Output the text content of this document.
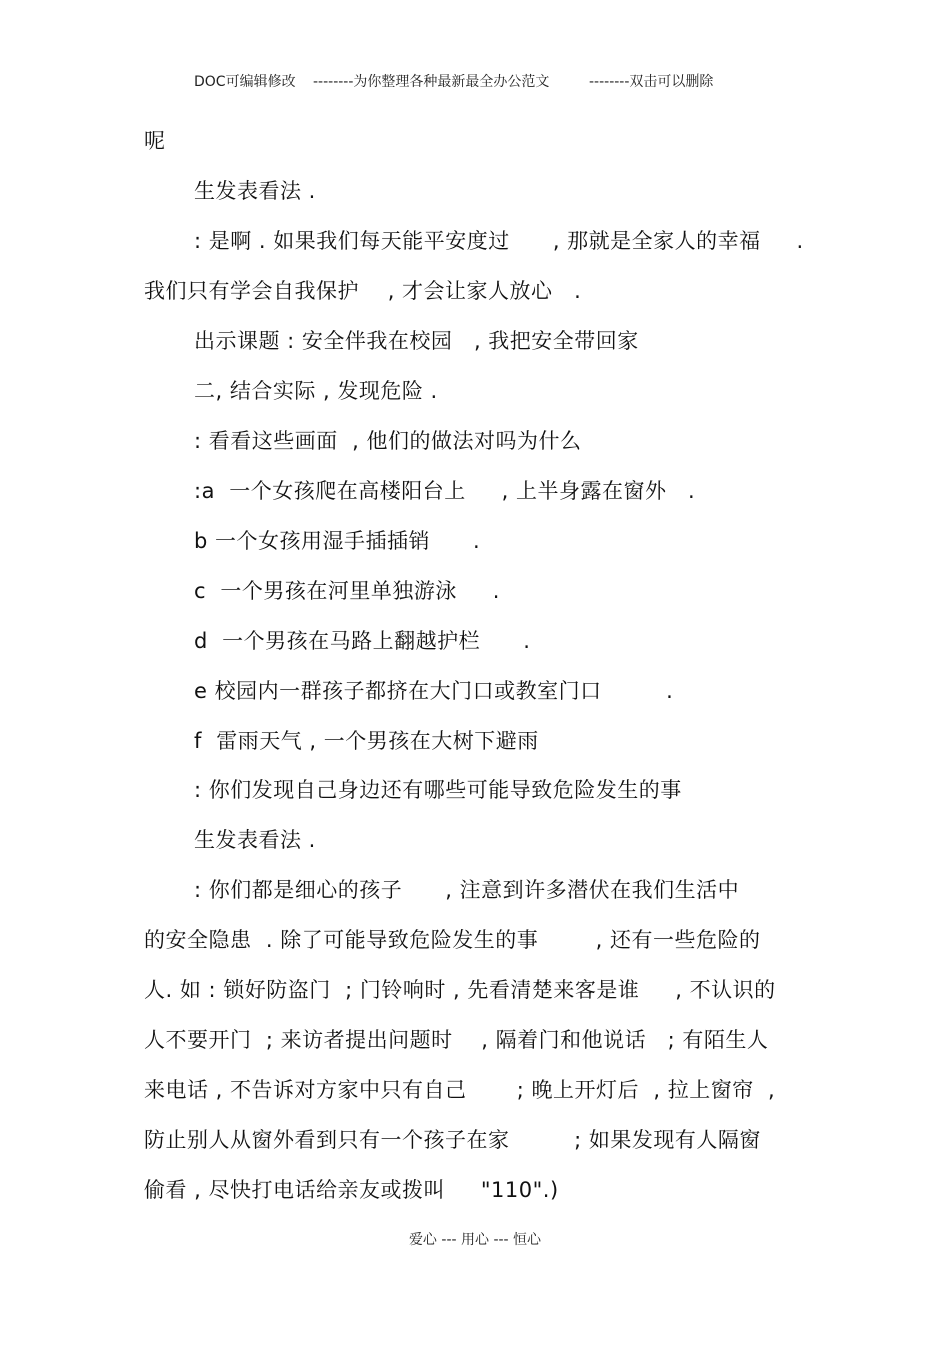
DOC可编辑修改

--------为你整理各种最新最全办公范文

	--------双击可以删除

呢
生发表看法 .
: 是啊 . 如果我们每天能平安度过      , 那就是全家人的幸福     .
我们只有学会自我保护    , 才会让家人放心   .
出示课题 : 安全伴我在校园   , 我把安全带回家
二, 结合实际 , 发现危险 .
: 看看这些画面  , 他们的做法对吗为什么
:a  一个女孩爬在高楼阳台上     , 上半身露在窗外   .
b 一个女孩用湿手插插销      .
c  一个男孩在河里单独游泳     .
d  一个男孩在马路上翻越护栏      .
e 校园内一群孩子都挤在大门口或教室门口         .
f  雷雨天气 , 一个男孩在大树下避雨
: 你们发现自己身边还有哪些可能导致危险发生的事
生发表看法 .
: 你们都是细心的孩子      , 注意到许多潜伏在我们生活中
的安全隐患  . 除了可能导致危险发生的事        , 还有一些危险的
人. 如 : 锁好防盗门  ; 门铃响时 , 先看清楚来客是谁     , 不认识的
人不要开门  ; 来访者提出问题时    , 隔着门和他说话   ; 有陌生人
来电话 , 不告诉对方家中只有自己       ; 晚上开灯后  , 拉上窗帘  ,
防止别人从窗外看到只有一个孩子在家         ; 如果发现有人隔窗
偷看 , 尽快打电话给亲友或拨叫     "110".)
爱心 --- 用心 --- 恒心
